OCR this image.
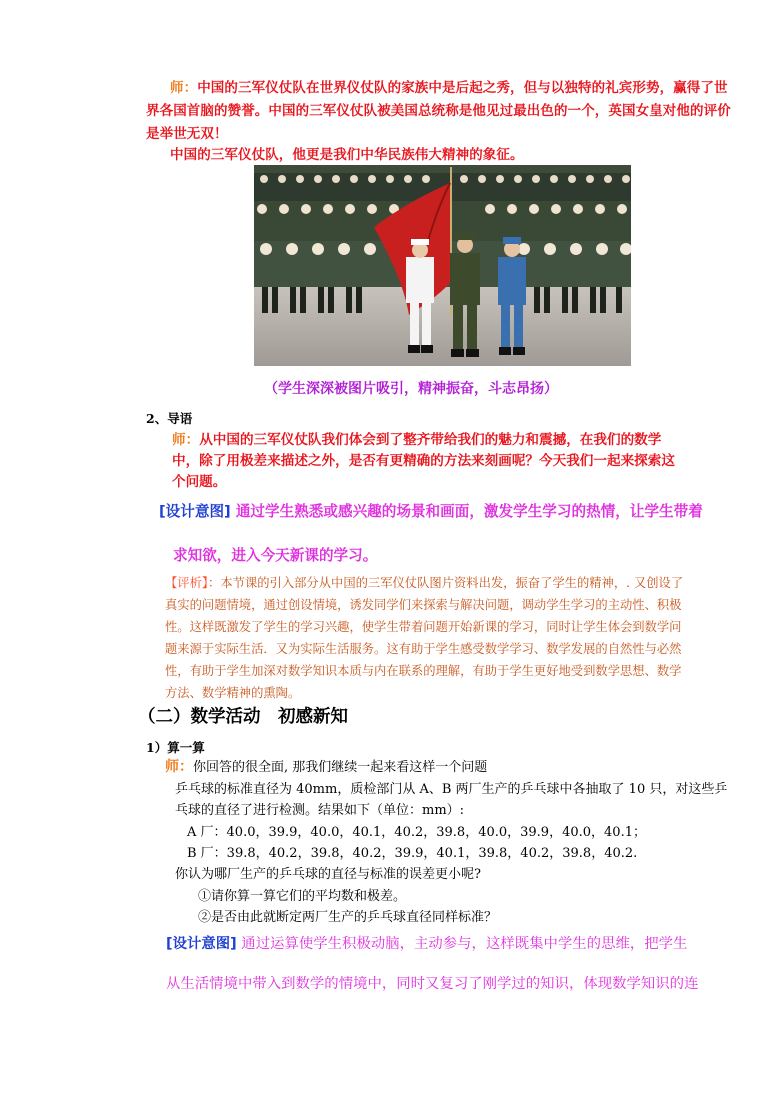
师：中国的三军仪仗队在世界仪仗队的家族中是后起之秀，但与以独特的礼宾形势，赢得了世
界各国首脑的赞誉。中国的三军仪仗队被美国总统称是他见过最出色的一个，英国女皇对他的评价
是举世无双！
中国的三军仪仗队，他更是我们中华民族伟大精神的象征。
（学生深深被图片吸引，精神振奋，斗志昂扬）
2、导语
师：从中国的三军仪仗队我们体会到了整齐带给我们的魅力和震撼，在我们的数学
中，除了用极差来描述之外，是否有更精确的方法来刻画呢？今天我们一起来探索这
个问题。
[设计意图] 通过学生熟悉或感兴趣的场景和画面，激发学生学习的热情，让学生带着
求知欲，进入今天新课的学习。
【评析】：本节课的引入部分从中国的三军仪仗队图片资料出发，振奋了学生的精神，. 又创设了
真实的问题情境，通过创设情境，诱发同学们来探索与解决问题，调动学生学习的主动性、积极
性。这样既激发了学生的学习兴趣，使学生带着问题开始新课的学习，同时让学生体会到数学问
题来源于实际生活．又为实际生活服务。这有助于学生感受数学学习、数学发展的自然性与必然
性，有助于学生加深对数学知识本质与内在联系的理解，有助于学生更好地受到数学思想、数学
方法、数学精神的熏陶。
（二）数学活动　初感新知
1）算一算
师：你回答的很全面, 那我们继续一起来看这样一个问题
乒乓球的标准直径为 40mm，质检部门从 A、B 两厂生产的乒乓球中各抽取了 10 只，对这些乒
乓球的直径了进行检测。结果如下（单位：mm）:
A 厂：40.0，39.9，40.0，40.1，40.2，39.8，40.0，39.9，40.0，40.1；
B 厂：39.8，40.2，39.8，40.2，39.9，40.1，39.8，40.2，39.8，40.2.
你认为哪厂生产的乒乓球的直径与标准的误差更小呢?
①请你算一算它们的平均数和极差。
②是否由此就断定两厂生产的乒乓球直径同样标准？
[设计意图] 通过运算使学生积极动脑，主动参与，这样既集中学生的思维，把学生
从生活情境中带入到数学的情境中，同时又复习了刚学过的知识，体现数学知识的连
